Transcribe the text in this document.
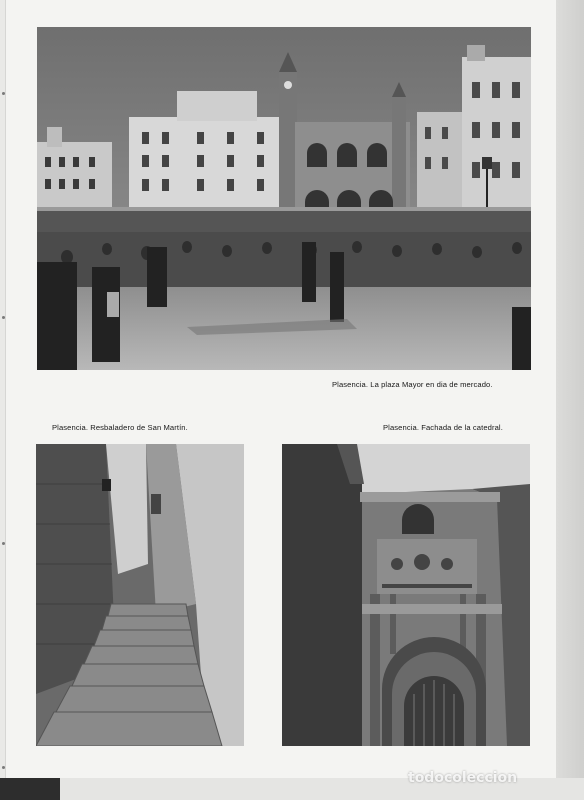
Plasencia. La plaza Mayor en dia de mercado.
Plasencia. Resbaladero de San Martín.	Plasencia. Fachada de la catedral.
todocoleccion
